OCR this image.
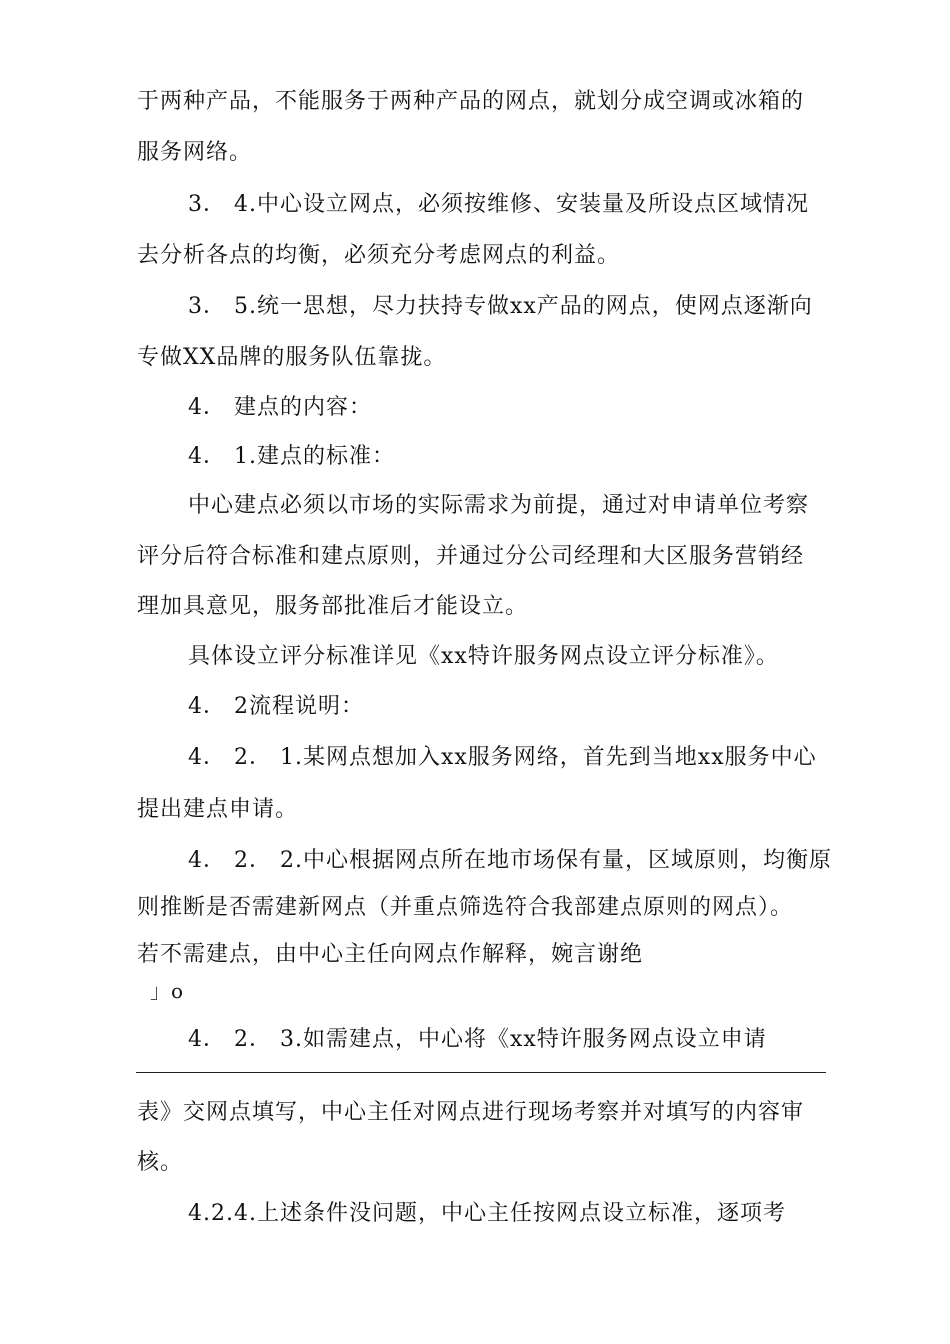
于两种产品，不能服务于两种产品的网点，就划分成空调或冰箱的
服务网络。
3． 4.中心设立网点，必须按维修、安装量及所设点区域情况
去分析各点的均衡，必须充分考虑网点的利益。
3． 5.统一思想，尽力扶持专做xx产品的网点，使网点逐渐向
专做XX品牌的服务队伍靠拢。
4． 建点的内容：
4． 1.建点的标准：
中心建点必须以市场的实际需求为前提，通过对申请单位考察
评分后符合标准和建点原则，并通过分公司经理和大区服务营销经
理加具意见，服务部批准后才能设立。
具体设立评分标准详见《xx特许服务网点设立评分标准》。
4． 2流程说明：
4． 2． 1.某网点想加入xx服务网络，首先到当地xx服务中心
提出建点申请。
4． 2． 2.中心根据网点所在地市场保有量，区域原则，均衡原
则推断是否需建新网点（并重点筛选符合我部建点原则的网点）。
若不需建点，由中心主任向网点作解释，婉言谢绝
」o
4． 2． 3.如需建点，中心将《xx特许服务网点设立申请
表》交网点填写，中心主任对网点进行现场考察并对填写的内容审
核。
4.2.4.上述条件没问题，中心主任按网点设立标准，逐项考
